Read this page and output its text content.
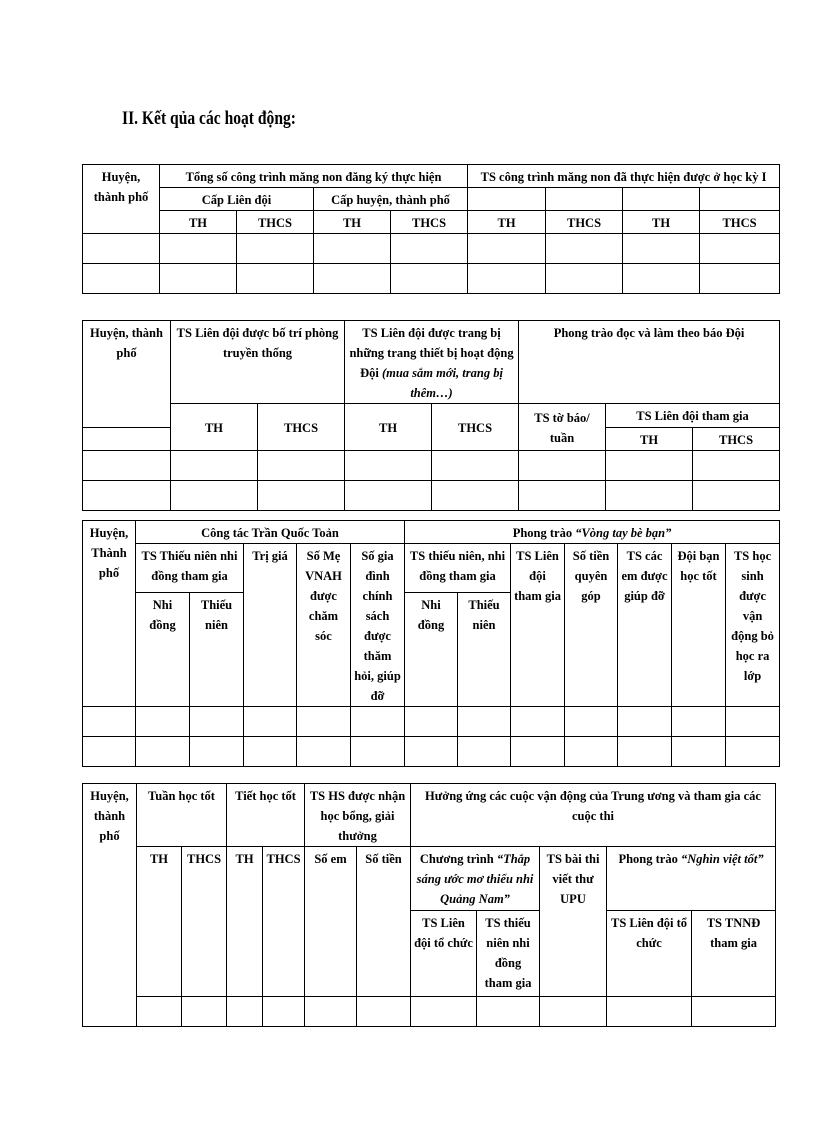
II. Kết qủa các hoạt động:
Huyện, thành phố	Tổng số công trình măng non đăng ký thực hiện				TS công trình măng non đã thực hiện được ở học kỳ I			
	Cấp Liên đội		Cấp huyện, thành phố					
	TH	THCS	TH	THCS	TH	THCS	TH	THCS

Huyện, thành phố	TS Liên đội được bố trí phòng truyền thống		TS Liên đội được trang bị những trang thiết bị hoạt động Đội (mua sắm mới, trang bị thêm…)		Phong trào đọc và làm theo báo Đội		
	TH	THCS	TH	THCS	TS tờ báo/ tuần	TS Liên đội tham gia	
						TH	THCS

Huyện, Thành phố	Công tác Trần Quốc Toản					Phong trào “Vòng tay bè bạn”						
	TS Thiếu niên nhi đồng tham gia		Trị giá	Số Mẹ VNAH được chăm sóc	Số gia đình chính sách được thăm hỏi, giúp đỡ	TS thiếu niên, nhi đồng tham gia		TS Liên đội tham gia	Số tiền quyên góp	TS các em được giúp đỡ	Đội bạn học tốt	TS học sinh được vận động bỏ học ra lớp
	Nhi đồng	Thiếu niên				Nhi đồng	Thiếu niên					

Huyện, thành phố	Tuần học tốt		Tiết học tốt		TS HS được nhận học bổng, giải thưởng		Hưởng ứng các cuộc vận động của Trung ương và tham gia các cuộc thi				
	TH	THCS	TH	THCS	Số em	Số tiền	Chương trình “Thắp sáng ước mơ thiếu nhi Quảng Nam”		TS bài thi viết thư UPU	Phong trào “Nghìn việt tốt”	
							TS Liên đội tổ chức	TS thiếu niên nhi đồng tham gia		TS Liên đội tổ chức	TS TNNĐ tham gia
